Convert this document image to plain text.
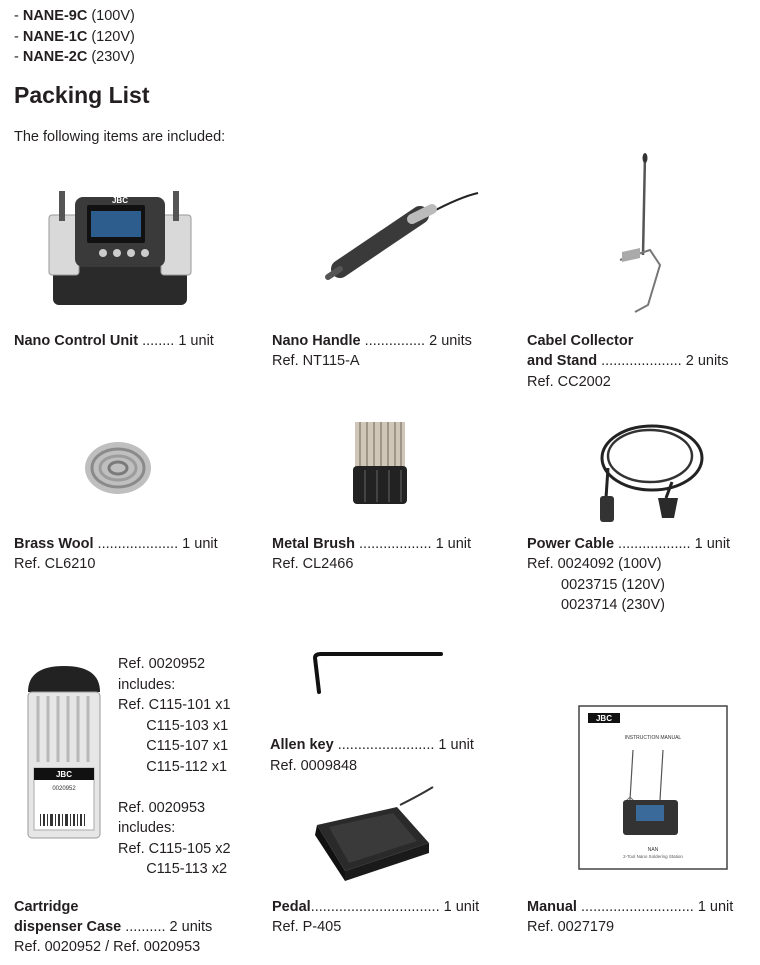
- NANE-9C (100V)
- NANE-1C (120V)
- NANE-2C (230V)
Packing List
The following items are included:
JBC
Nano Control Unit ........ 1 unit	Nano Handle ............... 2 units
Ref. NT115-A
Cabel Collector
and Stand .................... 2 units
Ref. CC2002
Brass Wool .................... 1 unit
Ref. CL6210
Metal Brush .................. 1 unit
Ref. CL2466
Power Cable .................. 1 unit
Ref. 0024092 (100V)
0023715 (120V)
0023714 (230V)
JBC
0020952
Ref. 0020952
includes:
Ref. C115-101 x1
C115-103 x1
C115-107 x1
C115-112 x1
Ref. 0020953
includes:
Ref. C115-105 x2
C115-113 x2
Allen key ........................ 1 unit
Ref. 0009848
JBC
INSTRUCTION MANUAL
NAN
2-Tool Nano Soldering Station
Cartridge
dispenser Case .......... 2 units
Ref. 0020952 / Ref. 0020953
Pedal................................ 1 unit
Ref. P-405
Manual ............................ 1 unit
Ref. 0027179
